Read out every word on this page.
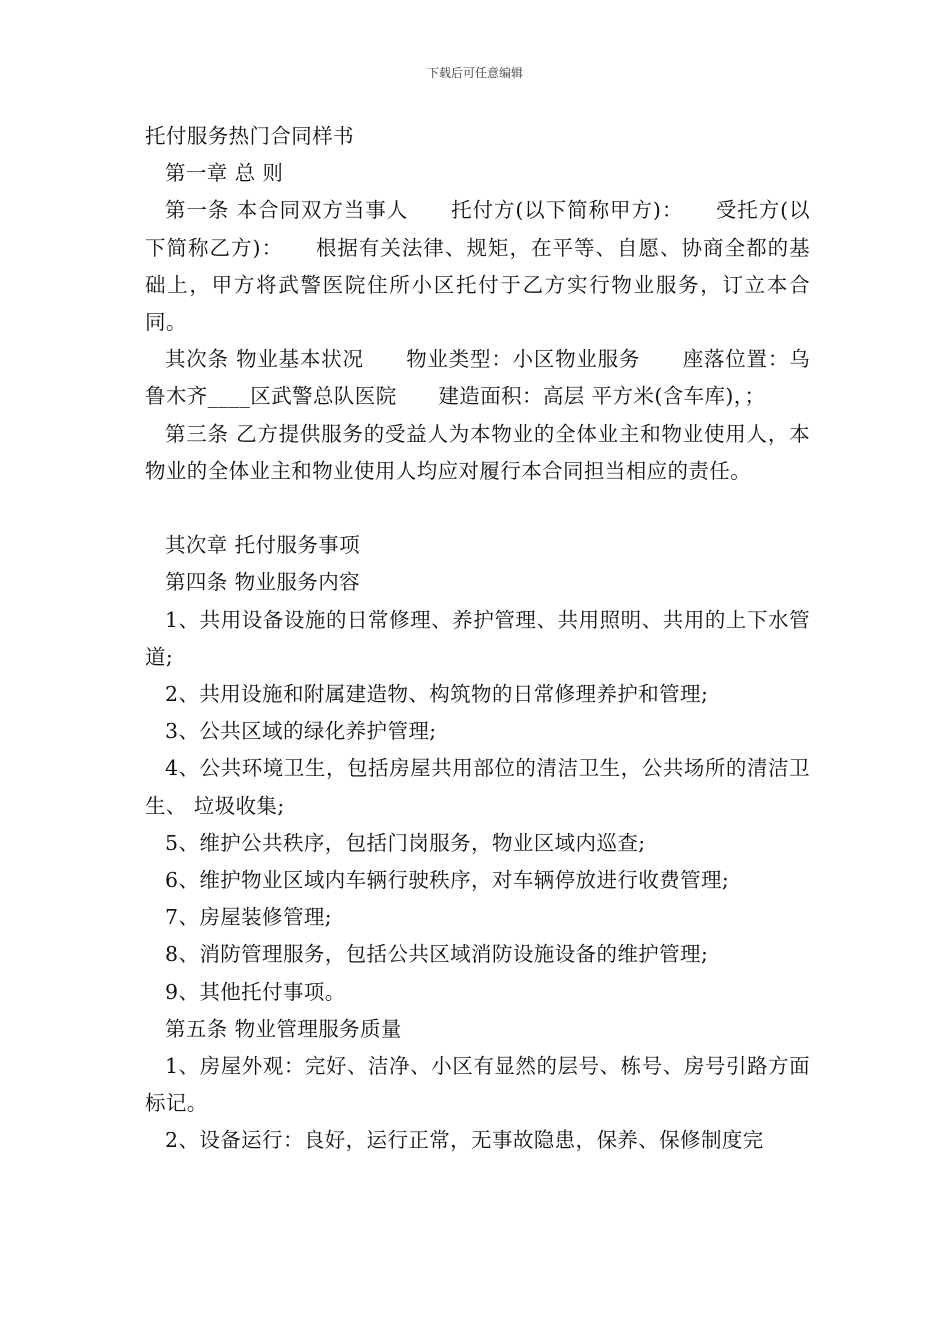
下载后可任意编辑
托付服务热门合同样书
第一章 总 则
第一条 本合同双方当事人　　托付方(以下简称甲方)：　　受托方(以下简称乙方)：　　根据有关法律、规矩，在平等、自愿、协商全都的基础上，甲方将武警医院住所小区托付于乙方实行物业服务，订立本合同。
其次条 物业基本状况　　物业类型：小区物业服务　　座落位置：乌鲁木齐____区武警总队医院　　建造面积：高层 平方米(含车库)，；
第三条 乙方提供服务的受益人为本物业的全体业主和物业使用人，本物业的全体业主和物业使用人均应对履行本合同担当相应的责任。
其次章 托付服务事项
第四条 物业服务内容
1、共用设备设施的日常修理、养护管理、共用照明、共用的上下水管道;
2、共用设施和附属建造物、构筑物的日常修理养护和管理;
3、公共区域的绿化养护管理;
4、公共环境卫生，包括房屋共用部位的清洁卫生，公共场所的清洁卫生、 垃圾收集;
5、维护公共秩序，包括门岗服务，物业区域内巡查;
6、维护物业区域内车辆行驶秩序，对车辆停放进行收费管理;
7、房屋装修管理;
8、消防管理服务，包括公共区域消防设施设备的维护管理;
9、其他托付事项。
第五条 物业管理服务质量
1、房屋外观：完好、洁净、小区有显然的层号、栋号、房号引路方面标记。
2、设备运行：良好，运行正常，无事故隐患，保养、保修制度完
